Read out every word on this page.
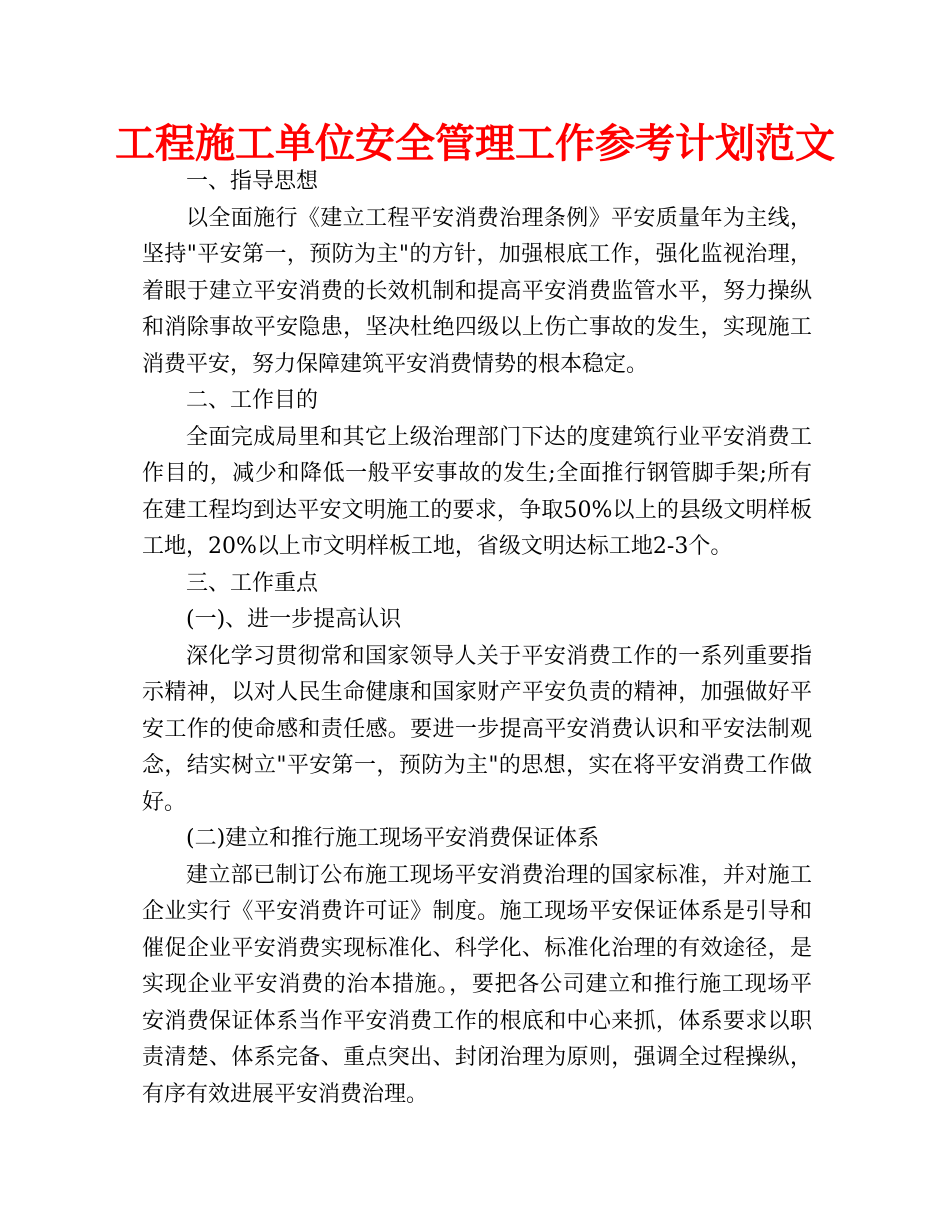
工程施工单位安全管理工作参考计划范文

一、指导思想

以全面施行《建立工程平安消费治理条例》平安质量年为主线，坚持"平安第一，预防为主"的方针，加强根底工作，强化监视治理，着眼于建立平安消费的长效机制和提高平安消费监管水平，努力操纵和消除事故平安隐患，坚决杜绝四级以上伤亡事故的发生，实现施工消费平安，努力保障建筑平安消费情势的根本稳定。

二、工作目的

全面完成局里和其它上级治理部门下达的度建筑行业平安消费工作目的，减少和降低一般平安事故的发生;全面推行钢管脚手架;所有在建工程均到达平安文明施工的要求，争取50%以上的县级文明样板工地，20%以上市文明样板工地，省级文明达标工地2-3个。

三、工作重点

(一)、进一步提高认识

深化学习贯彻常和国家领导人关于平安消费工作的一系列重要指示精神，以对人民生命健康和国家财产平安负责的精神，加强做好平安工作的使命感和责任感。要进一步提高平安消费认识和平安法制观念，结实树立"平安第一，预防为主"的思想，实在将平安消费工作做好。

(二)建立和推行施工现场平安消费保证体系

建立部已制订公布施工现场平安消费治理的国家标准，并对施工企业实行《平安消费许可证》制度。施工现场平安保证体系是引导和催促企业平安消费实现标准化、科学化、标准化治理的有效途径，是实现企业平安消费的治本措施。，要把各公司建立和推行施工现场平安消费保证体系当作平安消费工作的根底和中心来抓，体系要求以职责清楚、体系完备、重点突出、封闭治理为原则，强调全过程操纵，有序有效进展平安消费治理。
